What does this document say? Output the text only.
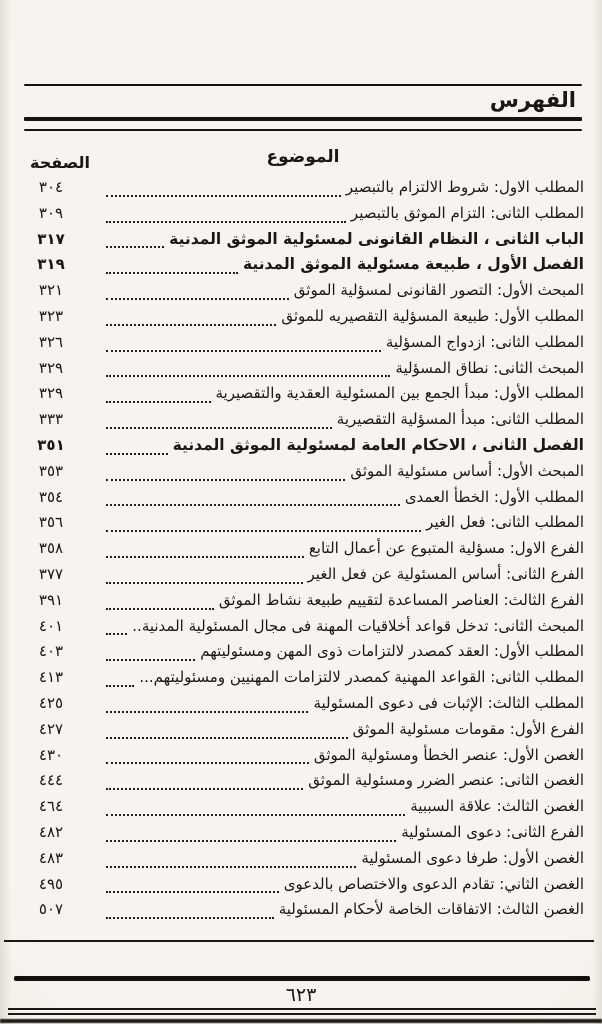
الفهرس
الموضوع
الصفحة
المطلب الاول: شروط الالتزام بالتبصير
٣٠٤
المطلب الثانى: التزام الموثق بالتبصير
٣٠٩
الباب الثانى ، النظام القانونى لمسئولية الموثق المدنية
٣١٧
الفصل الأول ، طبيعة مسئولية الموثق المدنية
٣١٩
المبحث الأول: التصور القانونى لمسؤلية الموثق
٣٢١
المطلب الأول: طبيعة المسؤلية التقصيريه للموثق
٣٢٣
المطلب الثانى: ازدواج المسؤلية
٣٢٦
المبحث الثانى: نطاق المسؤلية
٣٢٩
المطلب الأول: مبدأ الجمع بين المسئولية العقدية والتقصيرية
٣٢٩
المطلب الثانى: مبدأ المسؤلية التقصيرية
٣٣٣
الفصل الثانى ، الاحكام العامة لمسئولية الموثق المدنية
٣٥١
المبحث الأول: أساس مسئولية الموثق
٣٥٣
المطلب الأول: الخطأ العمدى
٣٥٤
المطلب الثانى: فعل الغير
٣٥٦
الفرع الاول: مسؤلية المتبوع عن أعمال التابع
٣٥٨
الفرع الثانى: أساس المسئولية عن فعل الغير
٣٧٧
الفرع الثالث: العناصر المساعدة لتقييم طبيعة نشاط الموثق
٣٩١
المبحث الثانى: تدخل قواعد أخلاقيات المهنة فى مجال المسئولية المدنية..
٤٠١
المطلب الأول: العقد كمصدر لالتزامات ذوى المهن ومسئوليتهم
٤٠٣
المطلب الثانى: القواعد المهنية كمصدر لالتزامات المهنيين ومسئوليتهم...
٤١٣
المطلب الثالث: الإثبات فى دعوى المسئولية
٤٢٥
الفرع الأول: مقومات مسئولية الموثق
٤٢٧
الغصن الأول: عنصر الخطأ ومسئولية الموثق
٤٣٠
الغصن الثانى: عنصر الضرر ومسئولية الموثق
٤٤٤
الغصن الثالث: علاقة السببية
٤٦٤
الفرع الثانى: دعوى المسئولية
٤٨٢
الغصن الأول: طرفا دعوى المسئولية
٤٨٣
الغصن الثاني: تقادم الدعوى والاختصاص بالدعوى
٤٩٥
الغصن الثالث: الاتفاقات الخاصة لأحكام المسئولية
٥٠٧
٦٢٣
